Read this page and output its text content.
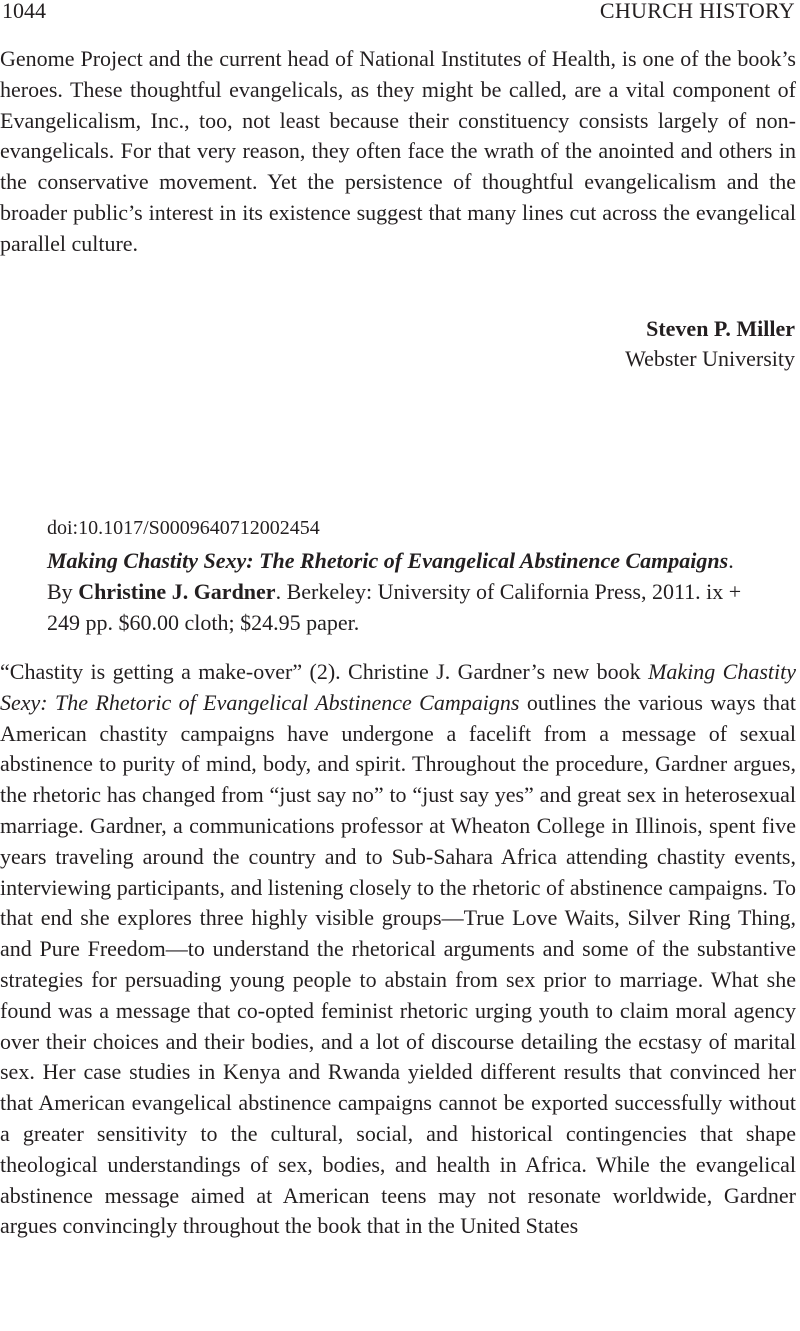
1044	CHURCH HISTORY

Genome Project and the current head of National Institutes of Health, is one of the book’s heroes. These thoughtful evangelicals, as they might be called, are a vital component of Evangelicalism, Inc., too, not least because their constituency consists largely of non-evangelicals. For that very reason, they often face the wrath of the anointed and others in the conservative movement. Yet the persistence of thoughtful evangelicalism and the broader public’s interest in its existence suggest that many lines cut across the evangelical parallel culture.

Steven P. Miller
Webster University
doi:10.1017/S0009640712002454

Making Chastity Sexy: The Rhetoric of Evangelical Abstinence Campaigns. By Christine J. Gardner. Berkeley: University of California Press, 2011. ix + 249 pp. $60.00 cloth; $24.95 paper.

“Chastity is getting a make-over” (2). Christine J. Gardner’s new book Making Chastity Sexy: The Rhetoric of Evangelical Abstinence Campaigns outlines the various ways that American chastity campaigns have undergone a facelift from a message of sexual abstinence to purity of mind, body, and spirit. Throughout the procedure, Gardner argues, the rhetoric has changed from “just say no” to “just say yes” and great sex in heterosexual marriage. Gardner, a communications professor at Wheaton College in Illinois, spent five years traveling around the country and to Sub-Sahara Africa attending chastity events, interviewing participants, and listening closely to the rhetoric of abstinence campaigns. To that end she explores three highly visible groups—True Love Waits, Silver Ring Thing, and Pure Freedom—to understand the rhetorical arguments and some of the substantive strategies for persuading young people to abstain from sex prior to marriage. What she found was a message that co-opted feminist rhetoric urging youth to claim moral agency over their choices and their bodies, and a lot of discourse detailing the ecstasy of marital sex. Her case studies in Kenya and Rwanda yielded different results that convinced her that American evangelical abstinence campaigns cannot be exported successfully without a greater sensitivity to the cultural, social, and historical contingencies that shape theological understandings of sex, bodies, and health in Africa. While the evangelical abstinence message aimed at American teens may not resonate worldwide, Gardner argues convincingly throughout the book that in the United States
